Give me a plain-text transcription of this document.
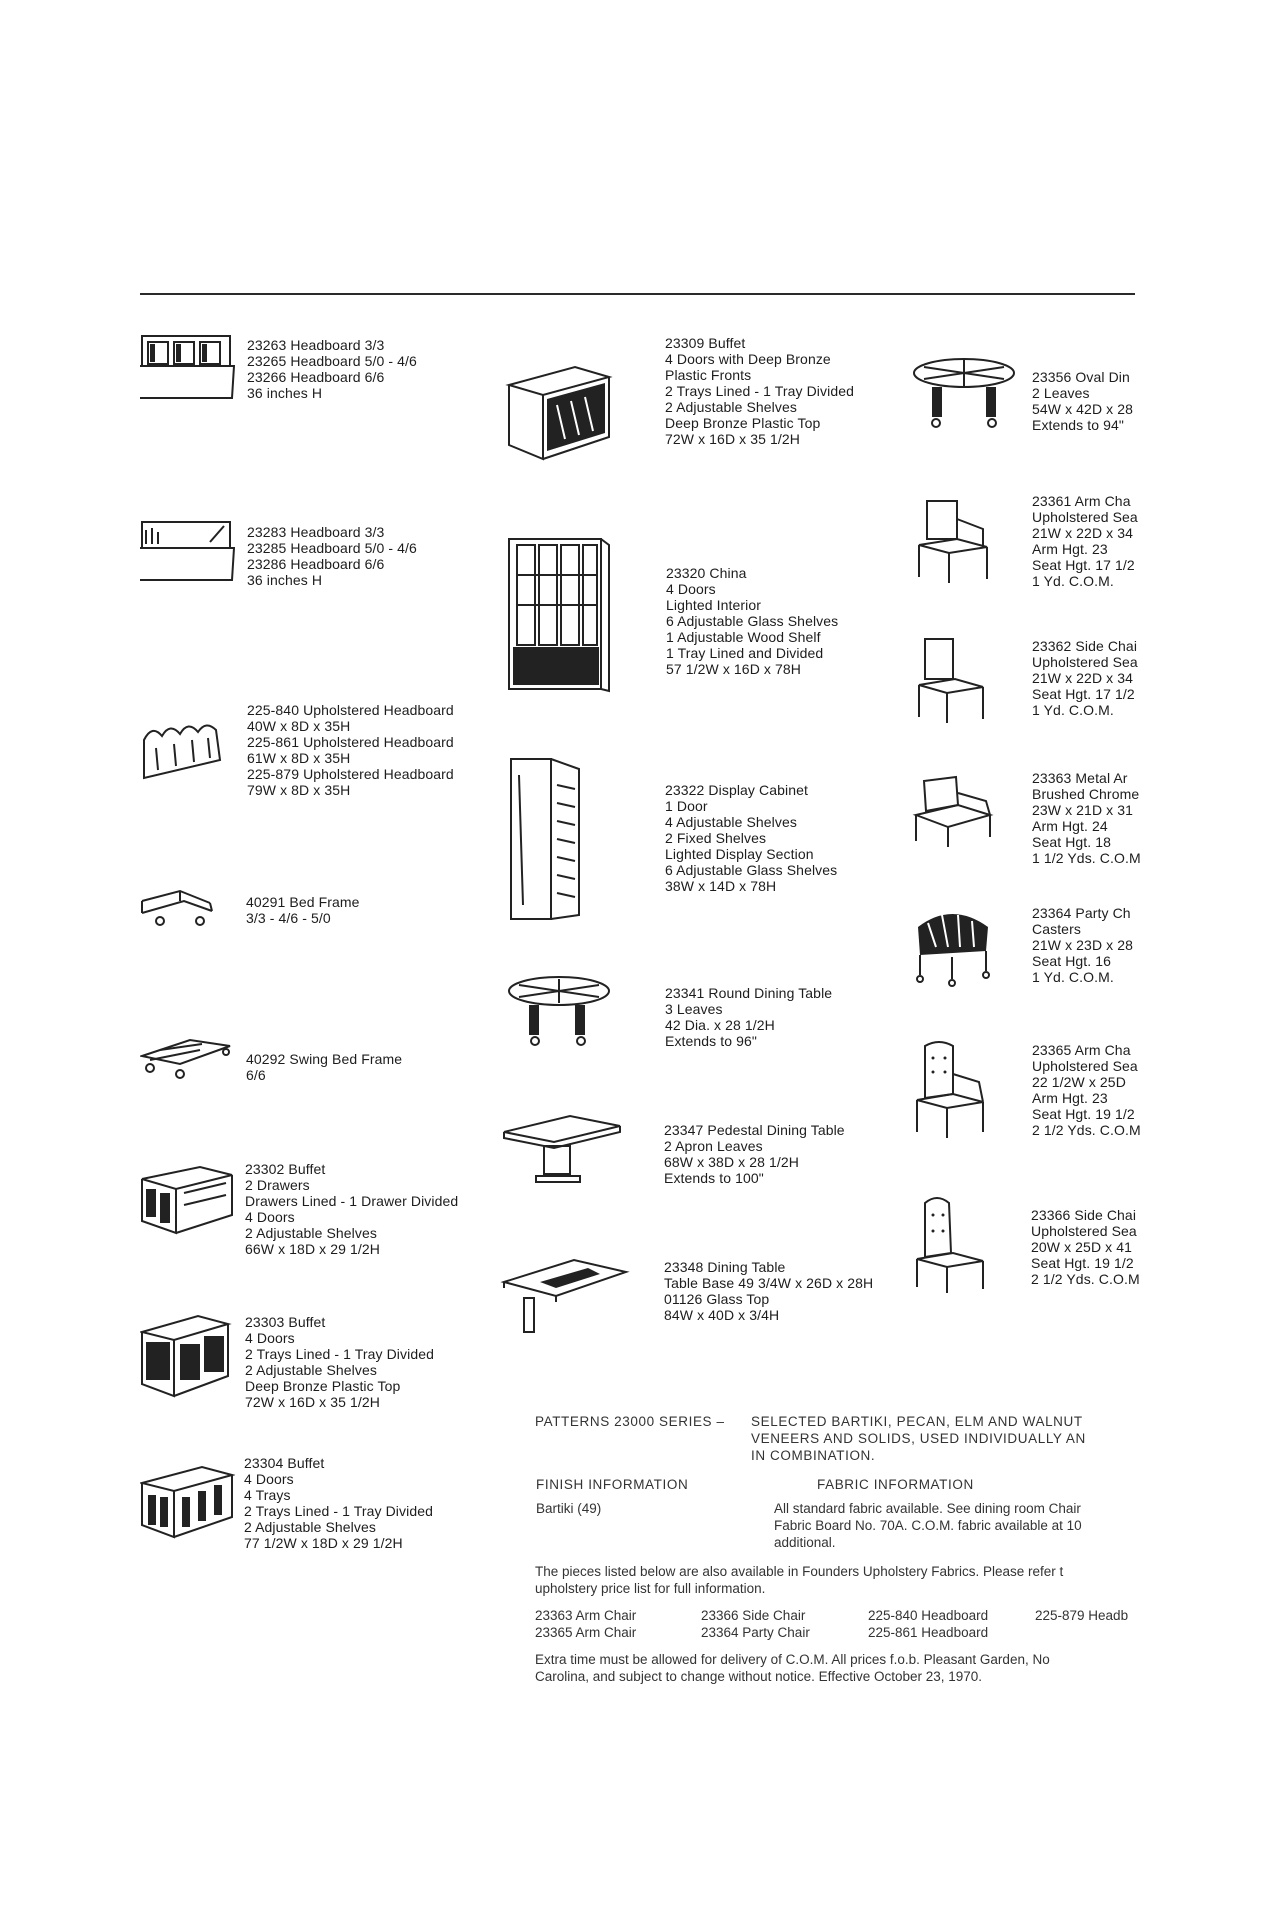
23263 Headboard 3/3
23265 Headboard 5/0 - 4/6
23266 Headboard 6/6
36 inches H
23283 Headboard 3/3
23285 Headboard 5/0 - 4/6
23286 Headboard 6/6
36 inches H
225-840 Upholstered Headboard
40W x 8D x 35H
225-861 Upholstered Headboard
61W x 8D x 35H
225-879 Upholstered Headboard
79W x 8D x 35H
40291 Bed Frame
3/3 - 4/6 - 5/0
40292 Swing Bed Frame
6/6
23302 Buffet
2 Drawers
Drawers Lined - 1 Drawer Divided
4 Doors
2 Adjustable Shelves
66W x 18D x 29 1/2H
23303 Buffet
4 Doors
2 Trays Lined - 1 Tray Divided
2 Adjustable Shelves
Deep Bronze Plastic Top
72W x 16D x 35 1/2H
23304 Buffet
4 Doors
4 Trays
2 Trays Lined - 1 Tray Divided
2 Adjustable Shelves
77 1/2W x 18D x 29 1/2H
23309 Buffet
4 Doors with Deep Bronze
Plastic Fronts
2 Trays Lined - 1 Tray Divided
2 Adjustable Shelves
Deep Bronze Plastic Top
72W x 16D x 35 1/2H
23320 China
4 Doors
Lighted Interior
6 Adjustable Glass Shelves
1 Adjustable Wood Shelf
1 Tray Lined and Divided
57 1/2W x 16D x 78H
23322 Display Cabinet
1 Door
4 Adjustable Shelves
2 Fixed Shelves
Lighted Display Section
6 Adjustable Glass Shelves
38W x 14D x 78H
23341 Round Dining Table
3 Leaves
42 Dia. x 28 1/2H
Extends to 96"
23347 Pedestal Dining Table
2 Apron Leaves
68W x 38D x 28 1/2H
Extends to 100"
23348 Dining Table
Table Base 49 3/4W x 26D x 28H
01126 Glass Top
84W x 40D x 3/4H
23356 Oval Din
2 Leaves
54W x 42D x 28
Extends to 94"
23361 Arm Cha
Upholstered Sea
21W x 22D x 34
Arm Hgt. 23
Seat Hgt. 17 1/2
1 Yd. C.O.M.
23362 Side Chai
Upholstered Sea
21W x 22D x 34
Seat Hgt. 17 1/2
1 Yd. C.O.M.
23363 Metal Ar
Brushed Chrome
23W x 21D x 31
Arm Hgt. 24
Seat Hgt. 18
1 1/2 Yds. C.O.M
23364 Party Ch
Casters
21W x 23D x 28
Seat Hgt. 16
1 Yd. C.O.M.
23365 Arm Cha
Upholstered Sea
22 1/2W x 25D
Arm Hgt. 23
Seat Hgt. 19 1/2
2 1/2 Yds. C.O.M
23366 Side Chai
Upholstered Sea
20W x 25D x 41
Seat Hgt. 19 1/2
2 1/2 Yds. C.O.M
PATTERNS 23000 SERIES – SELECTED BARTIKI, PECAN, ELM AND WALNUT
VENEERS AND SOLIDS, USED INDIVIDUALLY AN
IN COMBINATION.
FINISH INFORMATION	FABRIC INFORMATION
Bartiki (49)	All standard fabric available. See dining room Chair
Fabric Board No. 70A. C.O.M. fabric available at 10
additional.
The pieces listed below are also available in Founders Upholstery Fabrics. Please refer t
upholstery price list for full information.
23363 Arm Chair
23365 Arm Chair
23366 Side Chair
23364 Party Chair
225-840 Headboard
225-861 Headboard
225-879 Headb
Extra time must be allowed for delivery of C.O.M. All prices f.o.b. Pleasant Garden, No
Carolina, and subject to change without notice. Effective October 23, 1970.
